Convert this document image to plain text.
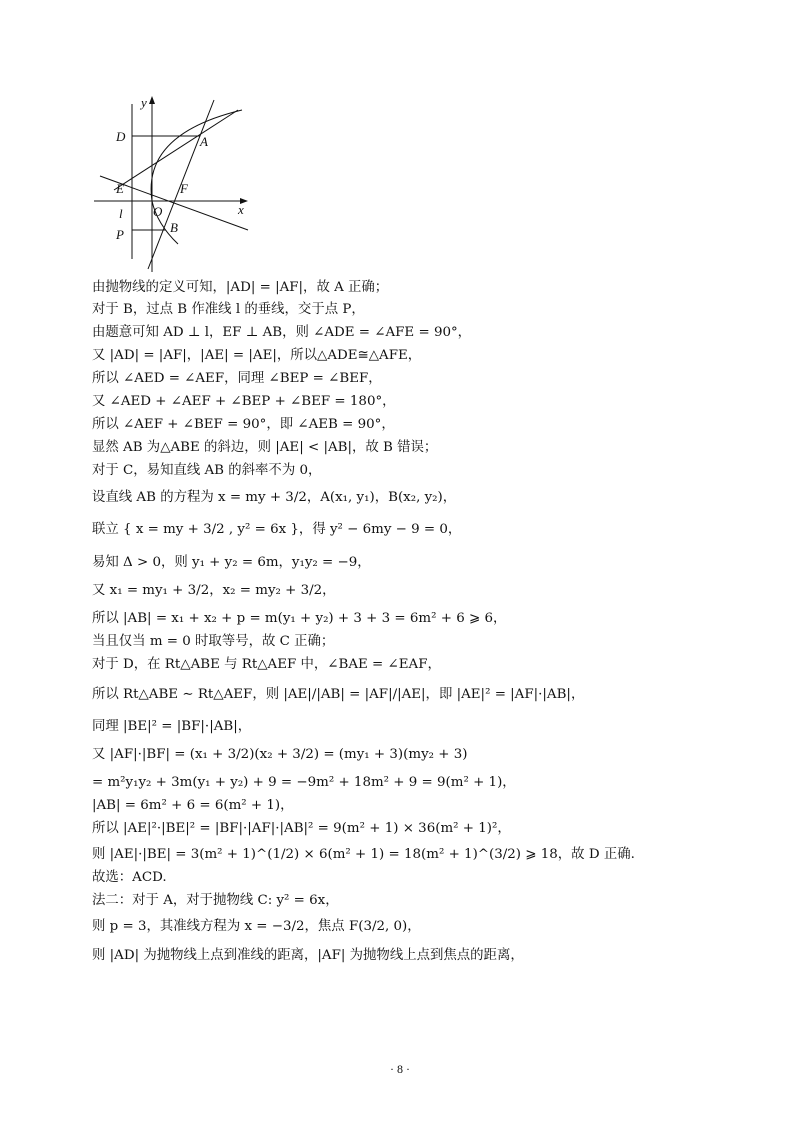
y
D	A
E	F
O	x
l
P	B
由抛物线的定义可知，|AD| = |AF|，故 A 正确；
对于 B，过点 B 作准线 l 的垂线，交于点 P，
由题意可知 AD ⊥ l，EF ⊥ AB，则 ∠ADE = ∠AFE = 90°，
又 |AD| = |AF|，|AE| = |AE|，所以△ADE≅△AFE，
所以 ∠AED = ∠AEF，同理 ∠BEP = ∠BEF，
又 ∠AED + ∠AEF + ∠BEP + ∠BEF = 180°，
所以 ∠AEF + ∠BEF = 90°，即 ∠AEB = 90°，
显然 AB 为△ABE 的斜边，则 |AE| < |AB|，故 B 错误；
对于 C，易知直线 AB 的斜率不为 0，
设直线 AB 的方程为 x = my + 3/2，A(x₁, y₁)，B(x₂, y₂)，
联立 { x = my + 3/2 , y² = 6x }，得 y² − 6my − 9 = 0，
易知 Δ > 0，则 y₁ + y₂ = 6m，y₁y₂ = −9，
又 x₁ = my₁ + 3/2，x₂ = my₂ + 3/2，
所以 |AB| = x₁ + x₂ + p = m(y₁ + y₂) + 3 + 3 = 6m² + 6 ⩾ 6，
当且仅当 m = 0 时取等号，故 C 正确；
对于 D，在 Rt△ABE 与 Rt△AEF 中，∠BAE = ∠EAF，
所以 Rt△ABE ∼ Rt△AEF，则 |AE|/|AB| = |AF|/|AE|，即 |AE|² = |AF|·|AB|，
同理 |BE|² = |BF|·|AB|，
又 |AF|·|BF| = (x₁ + 3/2)(x₂ + 3/2) = (my₁ + 3)(my₂ + 3)
= m²y₁y₂ + 3m(y₁ + y₂) + 9 = −9m² + 18m² + 9 = 9(m² + 1)，
|AB| = 6m² + 6 = 6(m² + 1)，
所以 |AE|²·|BE|² = |BF|·|AF|·|AB|² = 9(m² + 1) × 36(m² + 1)²，
则 |AE|·|BE| = 3(m² + 1)^(1/2) × 6(m² + 1) = 18(m² + 1)^(3/2) ⩾ 18，故 D 正确.
故选：ACD.
法二：对于 A，对于抛物线 C: y² = 6x，
则 p = 3，其准线方程为 x = −3/2，焦点 F(3/2, 0)，
则 |AD| 为抛物线上点到准线的距离，|AF| 为抛物线上点到焦点的距离，
· 8 ·
